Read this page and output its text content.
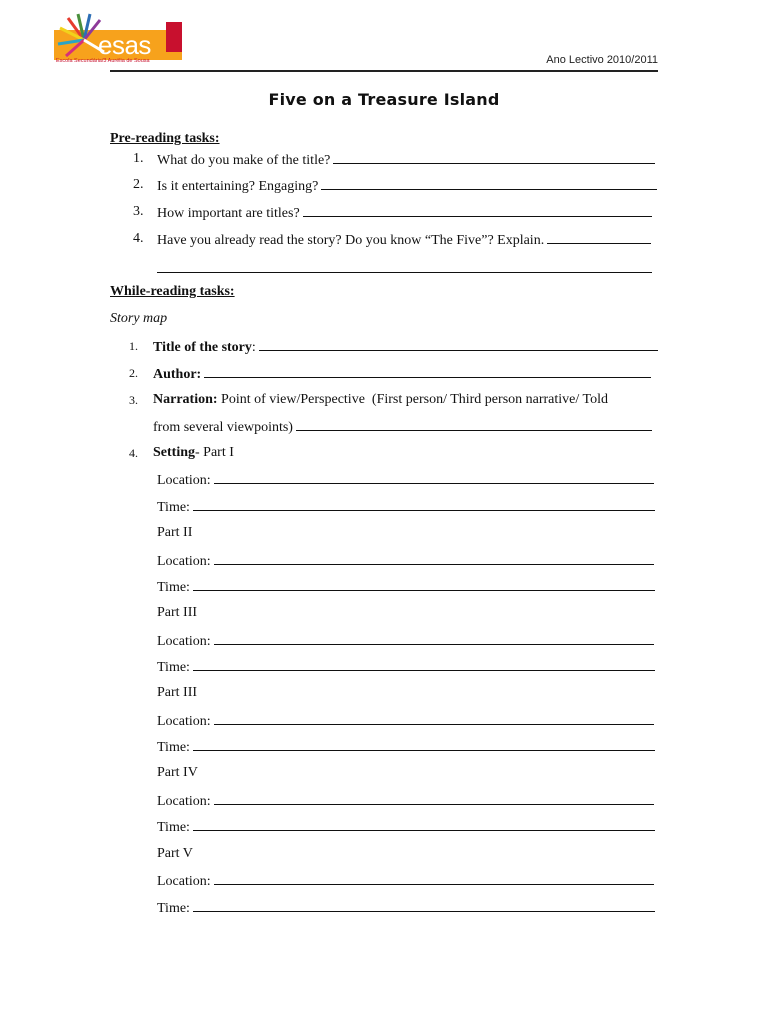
esas
Escola Secundária/3 Aurélia de Sousa	Ano Lectivo 2010/2011
Five on a Treasure Island
Pre-reading tasks:
1. What do you make of the title?
2. Is it entertaining? Engaging?
3. How important are titles?
4. Have you already read the story? Do you know “The Five”? Explain.
While-reading tasks:
Story map
1. Title of the story :
2. Author:
3. Narration: Point of view/Perspective  (First person/ Third person narrative/ Told
from several viewpoints)
4. Setting - Part I
Location:
Time:
Part II
Location:
Time:
Part III
Location:
Time:
Part III
Location:
Time:
Part IV
Location:
Time:
Part V
Location:
Time:
